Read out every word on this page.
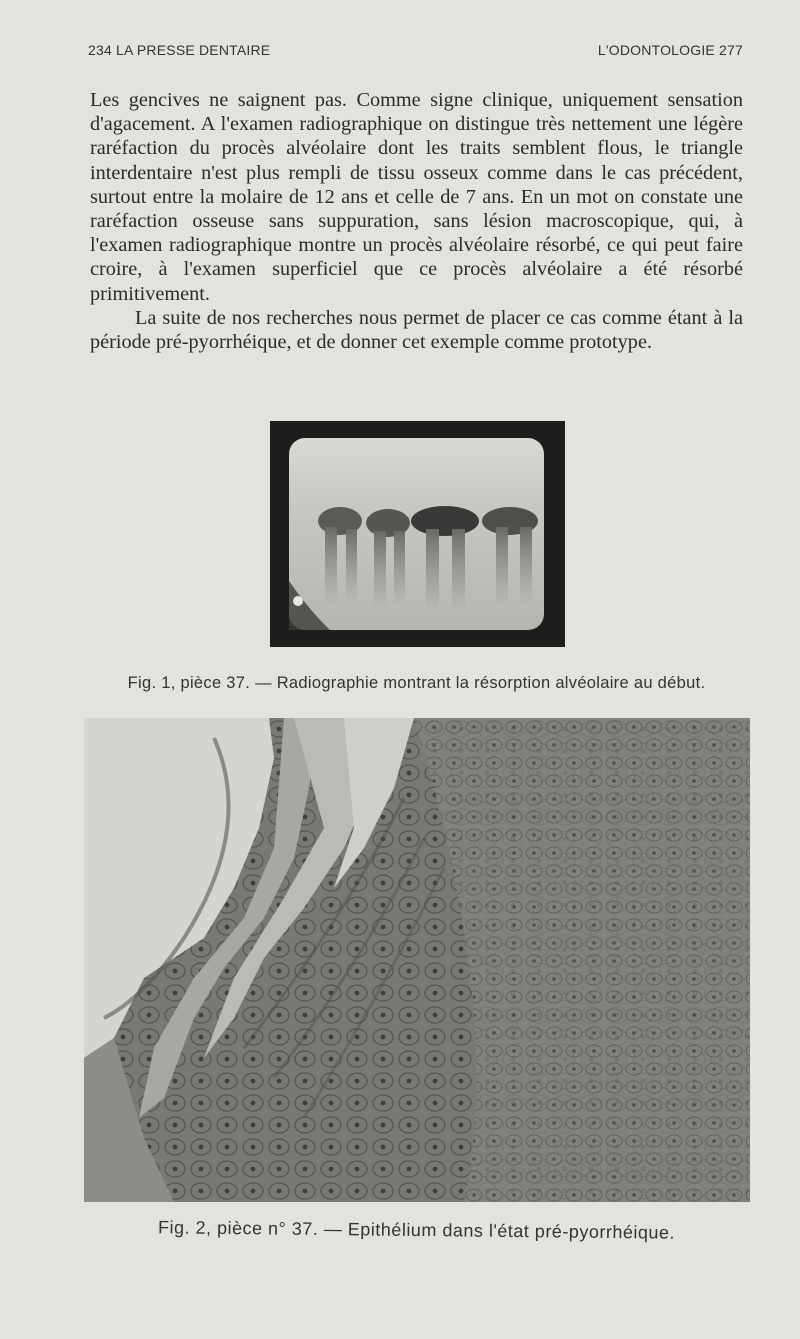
234 LA PRESSE DENTAIRE	L'ODONTOLOGIE 277

Les gencives ne saignent pas. Comme signe clinique, uniquement sensation d'agacement. A l'examen radiographique on distingue très nettement une légère raréfaction du procès alvéolaire dont les traits semblent flous, le triangle interdentaire n'est plus rempli de tissu osseux comme dans le cas précédent, surtout entre la molaire de 12 ans et celle de 7 ans. En un mot on constate une raréfaction osseuse sans suppuration, sans lésion macroscopique, qui, à l'examen radiographique montre un procès alvéolaire résorbé, ce qui peut faire croire, à l'examen superficiel que ce procès alvéolaire a été résorbé primitivement.

La suite de nos recherches nous permet de placer ce cas comme étant à la période pré-pyorrhéique, et de donner cet exemple comme prototype.

Fig. 1, pièce 37. — Radiographie montrant la résorption alvéolaire au début.
Fig. 2, pièce n° 37. — Epithélium dans l'état pré-pyorrhéique.
